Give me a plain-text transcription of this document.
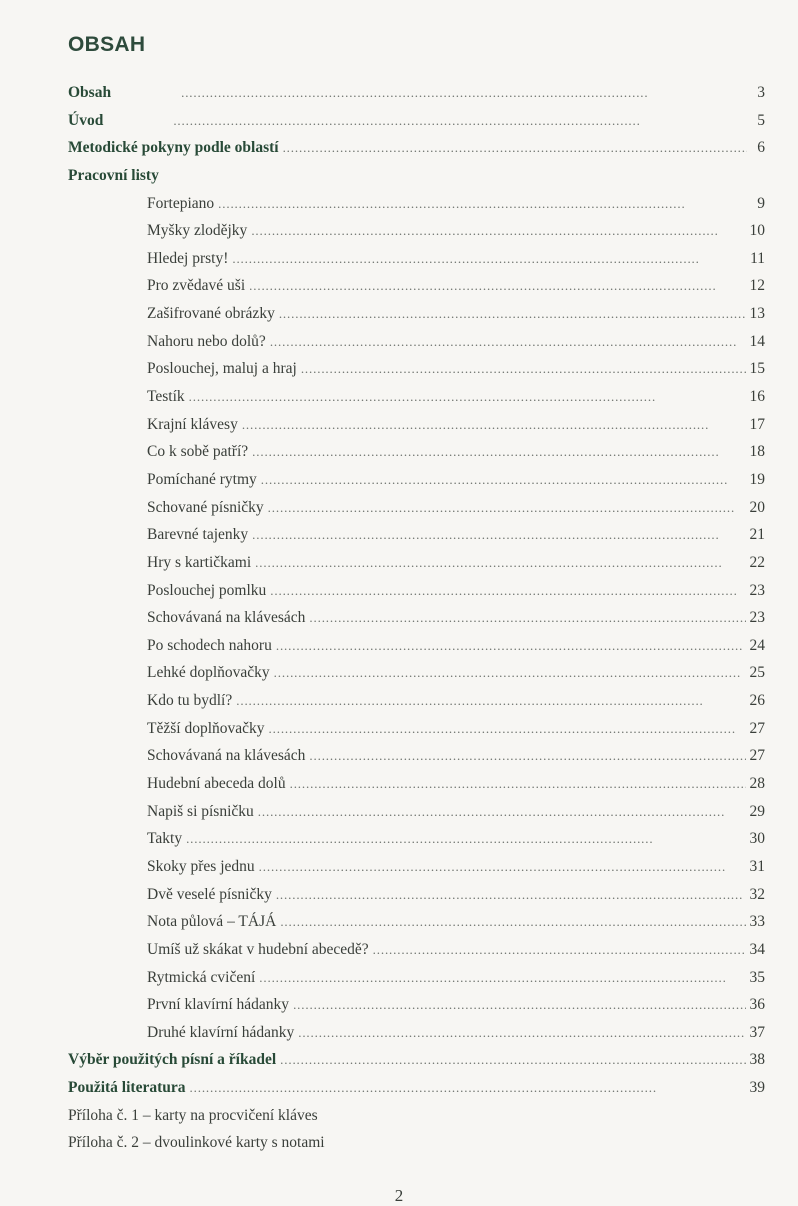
OBSAH
Obsah . . .	3
Úvod . . .	5
Metodické pokyny podle oblastí . . .	6
Pracovní listy
Fortepiano . . .	9
Myšky zlodějky . . .	10
Hledej prsty! . . .	11
Pro zvědavé uši . . .	12
Zašifrované obrázky . . .	13
Nahoru nebo dolů? . . .	14
Poslouchej, maluj a hraj . . .	15
Testík . . .	16
Krajní klávesy . . .	17
Co k sobě patří? . . .	18
Pomíchané rytmy . . .	19
Schované písničky . . .	20
Barevné tajenky . . .	21
Hry s kartičkami . . .	22
Poslouchej pomlku . . .	23
Schovávaná na klávesách . . .	23
Po schodech nahoru . . .	24
Lehké doplňovačky . . .	25
Kdo tu bydlí? . . .	26
Těžší doplňovačky . . .	27
Schovávaná na klávesách . . .	27
Hudební abeceda dolů . . .	28
Napiš si písničku . . .	29
Takty . . .	30
Skoky přes jednu . . .	31
Dvě veselé písničky . . .	32
Nota půlová – TÁJÁ . . .	33
Umíš už skákat v hudební abecedě? . . .	34
Rytmická cvičení . . .	35
První klavírní hádanky . . .	36
Druhé klavírní hádanky . . .	37
Výběr použitých písní a říkadel . . .	38
Použitá literatura . . .	39
Příloha č. 1 – karty na procvičení kláves
Příloha č. 2 – dvoulinkové karty s notami
2
